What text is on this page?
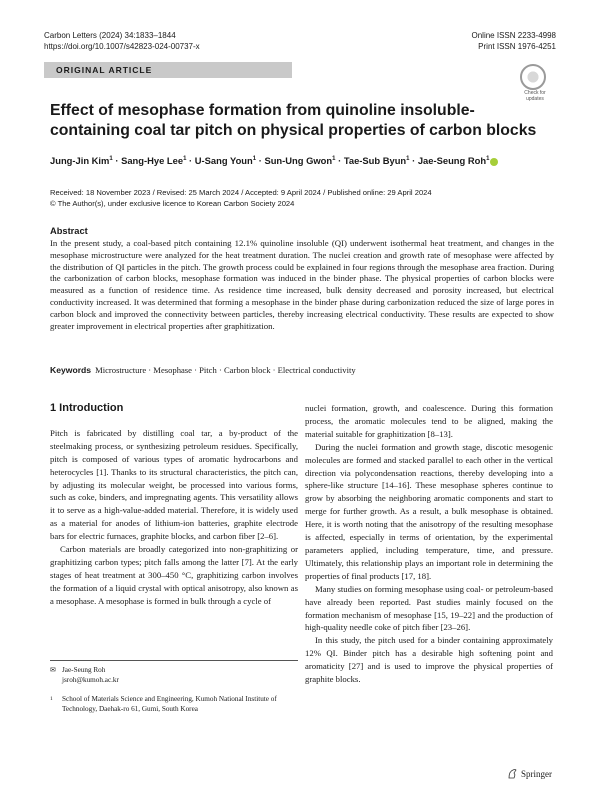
Carbon Letters (2024) 34:1833–1844
https://doi.org/10.1007/s42823-024-00737-x
Online ISSN 2233-4998
Print ISSN 1976-4251
ORIGINAL ARTICLE
Check for
updates
Effect of mesophase formation from quinoline insoluble-containing coal tar pitch on physical properties of carbon blocks
Jung-Jin Kim$^1$ · Sang-Hye Lee$^1$ · U-Sang Youn$^1$ · Sun-Ung Gwon$^1$ · Tae-Sub Byun$^1$ · Jae-Seung Roh$^1$
Received: 18 November 2023 / Revised: 25 March 2024 / Accepted: 9 April 2024 / Published online: 29 April 2024
© The Author(s), under exclusive licence to Korean Carbon Society 2024
Abstract
In the present study, a coal-based pitch containing 12.1% quinoline insoluble (QI) underwent isothermal heat treatment, and changes in the mesophase microstructure were analyzed for the heat treatment duration. The nuclei creation and growth rate of mesophase were affected by the distribution of QI particles in the pitch. The growth process could be explained in four regions through the mesophase area fraction. During the carbonization of carbon blocks, mesophase formation was induced in the binder phase. The physical properties of carbon blocks were measured as a function of residence time. As residence time increased, bulk density decreased and porosity increased, but electrical conductivity increased. It was determined that forming a mesophase in the binder phase during carbonization reduced the size of large pores in carbon block and improved the connectivity between particles, thereby increasing electrical conductivity. These results are expected to show greater improvement in electrical properties after graphitization.
Keywords Microstructure · Mesophase · Pitch · Carbon block · Electrical conductivity
1 Introduction

Pitch is fabricated by distilling coal tar, a by-product of the steelmaking process, or synthesizing petroleum residues. Specifically, pitch is composed of various types of aromatic hydrocarbons and heterocycles [1]. Thanks to its structural characteristics, the pitch can, by adjusting its molecular weight, be processed into various forms, such as coke, binders, and impregnating agents. This versatility allows it to serve as a high-value-added material. Therefore, it is widely used as a material for anodes of lithium-ion batteries, graphite electrode bars for electric furnaces, graphite blocks, and carbon fiber [2–6].

Carbon materials are broadly categorized into non-graphitizing or graphitizing carbon types; pitch falls among the latter [7]. At the early stages of heat treatment at 300–450 °C, graphitizing carbon involves the formation of a liquid crystal with optical anisotropy, also known as a mesophase. A mesophase is formed in bulk through a cycle of

nuclei formation, growth, and coalescence. During this formation process, the aromatic molecules tend to be aligned, making the material suitable for graphitization [8–13].

During the nuclei formation and growth stage, discotic mesogenic molecules are formed and stacked parallel to each other in the vertical direction via polycondensation reactions, thereby developing into a sphere-like structure [14–16]. These mesophase spheres continue to grow by absorbing the neighboring aromatic components and start to merge for further growth. As a result, a bulk mesophase is obtained. Here, it is worth noting that the anisotropy of the resulting mesophase is affected, especially in terms of orientation, by the experimental parameters applied, including temperature, time, and pressure. Ultimately, this relationship plays an important role in determining the properties of final products [17, 18].

Many studies on forming mesophase using coal- or petroleum-based have already been reported. Past studies mainly focused on the formation mechanism of mesophase [15, 19–22] and the production of high-quality needle coke of pitch fiber [23–26].

In this study, the pitch used for a binder containing approximately 12% QI. Binder pitch has a desirable high softening point and aromaticity [27] and is used to improve the physical properties of graphite blocks.

✉ Jae-Seung Roh
jsroh@kumoh.ac.kr
1	School of Materials Science and Engineering, Kumoh National Institute of Technology, Daehak-ro 61, Gumi, South Korea
Springer
